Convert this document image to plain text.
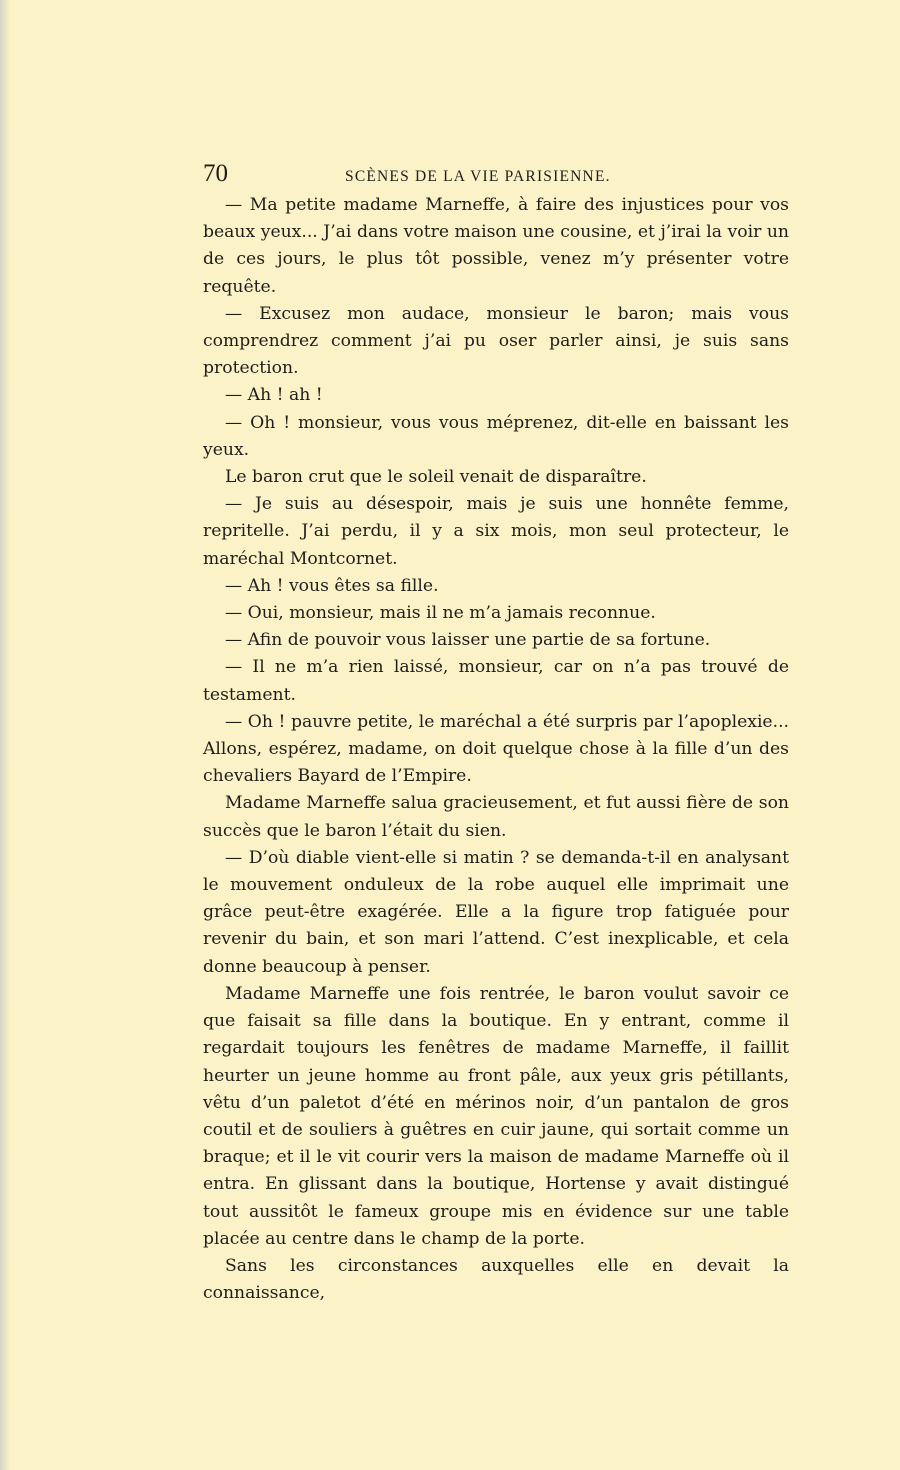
70	SCÈNES DE LA VIE PARISIENNE.

— Ma petite madame Marneffe, à faire des injustices pour vos beaux yeux... J’ai dans votre maison une cousine, et j’irai la voir un de ces jours, le plus tôt possible, venez m’y présenter votre requête.

— Excusez mon audace, monsieur le baron; mais vous comprendrez comment j’ai pu oser parler ainsi, je suis sans protection.

— Ah ! ah !

— Oh ! monsieur, vous vous méprenez, dit-elle en baissant les yeux.

Le baron crut que le soleil venait de disparaître.

— Je suis au désespoir, mais je suis une honnête femme, repritelle. J’ai perdu, il y a six mois, mon seul protecteur, le maréchal Montcornet.

— Ah ! vous êtes sa fille.

— Oui, monsieur, mais il ne m’a jamais reconnue.

— Afin de pouvoir vous laisser une partie de sa fortune.

— Il ne m’a rien laissé, monsieur, car on n’a pas trouvé de testament.

— Oh ! pauvre petite, le maréchal a été surpris par l’apoplexie... Allons, espérez, madame, on doit quelque chose à la fille d’un des chevaliers Bayard de l’Empire.

Madame Marneffe salua gracieusement, et fut aussi fière de son succès que le baron l’était du sien.

— D’où diable vient-elle si matin ? se demanda-t-il en analysant le mouvement onduleux de la robe auquel elle imprimait une grâce peut-être exagérée. Elle a la figure trop fatiguée pour revenir du bain, et son mari l’attend. C’est inexplicable, et cela donne beaucoup à penser.

Madame Marneffe une fois rentrée, le baron voulut savoir ce que faisait sa fille dans la boutique. En y entrant, comme il regardait toujours les fenêtres de madame Marneffe, il faillit heurter un jeune homme au front pâle, aux yeux gris pétillants, vêtu d’un paletot d’été en mérinos noir, d’un pantalon de gros coutil et de souliers à guêtres en cuir jaune, qui sortait comme un braque; et il le vit courir vers la maison de madame Marneffe où il entra. En glissant dans la boutique, Hortense y avait distingué tout aussitôt le fameux groupe mis en évidence sur une table placée au centre dans le champ de la porte.

Sans les circonstances auxquelles elle en devait la connaissance,
